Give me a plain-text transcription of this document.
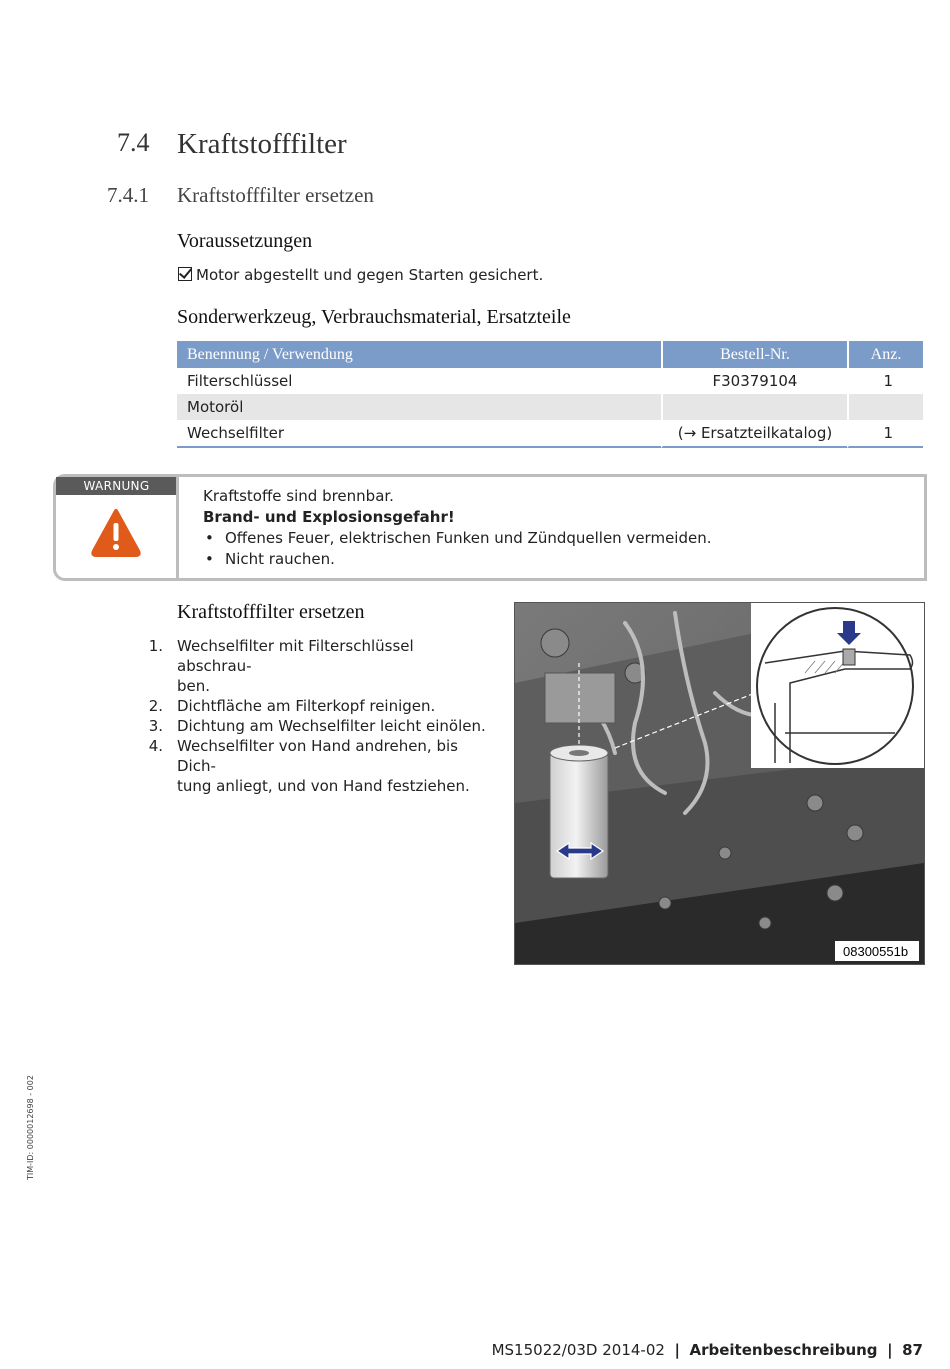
7.4 Kraftstofffilter
7.4.1 Kraftstofffilter ersetzen
Voraussetzungen
Motor abgestellt und gegen Starten gesichert.
Sonderwerkzeug, Verbrauchsmaterial, Ersatzteile
Benennung / Verwendung	Bestell-Nr.	Anz.
Filterschlüssel	F30379104	1
Motoröl		
Wechselfilter	(→ Ersatzteilkatalog)	1
WARNUNG
Kraftstoffe sind brennbar.
Brand- und Explosionsgefahr!
• Offenes Feuer, elektrischen Funken und Zündquellen vermeiden.
• Nicht rauchen.
Kraftstofffilter ersetzen
1. Wechselfilter mit Filterschlüssel abschrau-
ben.
2. Dichtfläche am Filterkopf reinigen.
3. Dichtung am Wechselfilter leicht einölen.
4. Wechselfilter von Hand andrehen, bis Dich-
tung anliegt, und von Hand festziehen.
08300551b
TIM-ID: 0000012698 - 002
MS15022/03D 2014-02 | Arbeitenbeschreibung | 87
